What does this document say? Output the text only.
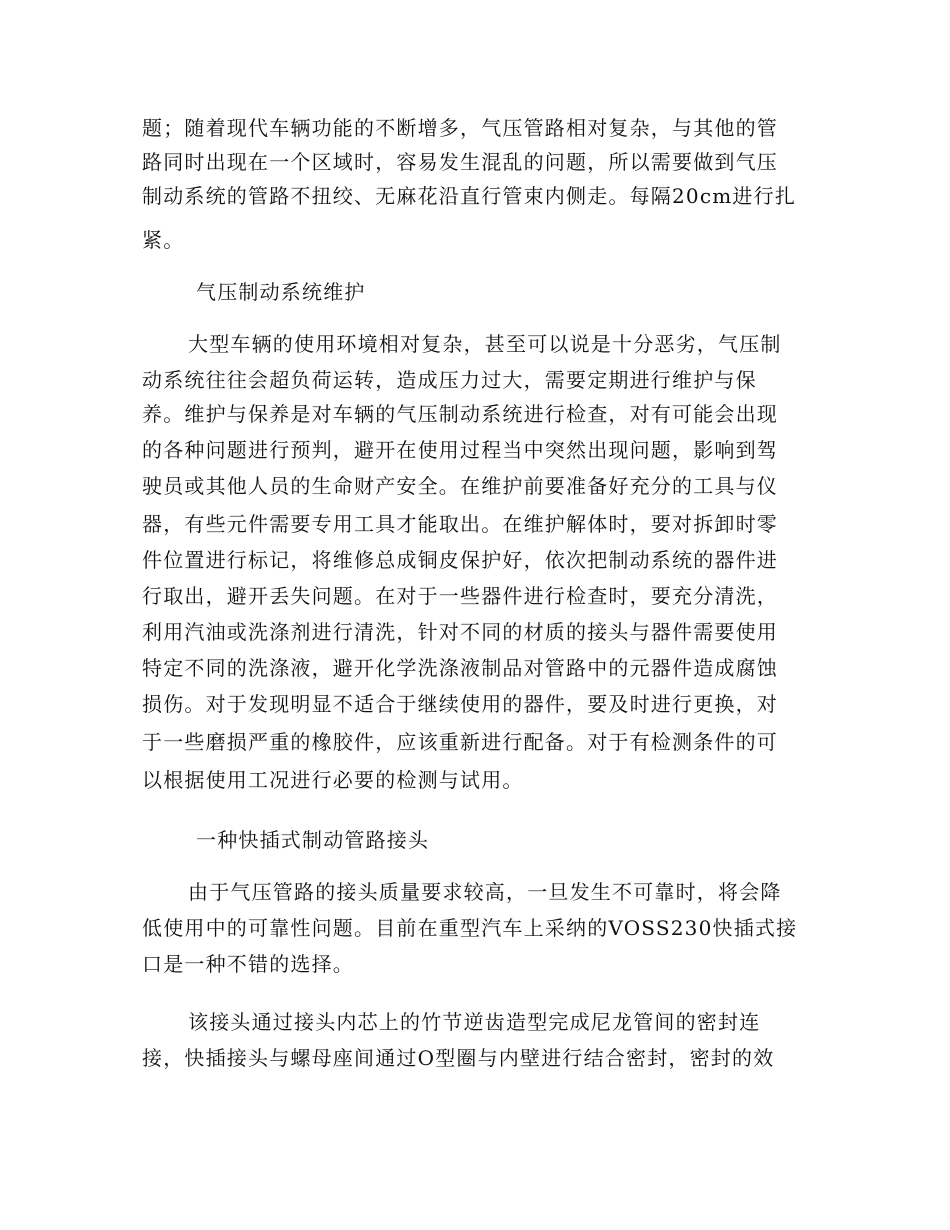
题；随着现代车辆功能的不断增多，气压管路相对复杂，与其他的管
路同时出现在一个区域时，容易发生混乱的问题，所以需要做到气压
制动系统的管路不扭绞、无麻花沿直行管束内侧走。每隔20cm进行扎
紧。
气压制动系统维护
大型车辆的使用环境相对复杂，甚至可以说是十分恶劣，气压制
动系统往往会超负荷运转，造成压力过大，需要定期进行维护与保
养。维护与保养是对车辆的气压制动系统进行检查，对有可能会出现
的各种问题进行预判，避开在使用过程当中突然出现问题，影响到驾
驶员或其他人员的生命财产安全。在维护前要准备好充分的工具与仪
器，有些元件需要专用工具才能取出。在维护解体时，要对拆卸时零
件位置进行标记，将维修总成铜皮保护好，依次把制动系统的器件进
行取出，避开丢失问题。在对于一些器件进行检查时，要充分清洗，
利用汽油或洗涤剂进行清洗，针对不同的材质的接头与器件需要使用
特定不同的洗涤液，避开化学洗涤液制品对管路中的元器件造成腐蚀
损伤。对于发现明显不适合于继续使用的器件，要及时进行更换，对
于一些磨损严重的橡胶件，应该重新进行配备。对于有检测条件的可
以根据使用工况进行必要的检测与试用。
一种快插式制动管路接头
由于气压管路的接头质量要求较高，一旦发生不可靠时，将会降
低使用中的可靠性问题。目前在重型汽车上采纳的VOSS230快插式接
口是一种不错的选择。
该接头通过接头内芯上的竹节逆齿造型完成尼龙管间的密封连
接，快插接头与螺母座间通过O型圈与内壁进行结合密封，密封的效
